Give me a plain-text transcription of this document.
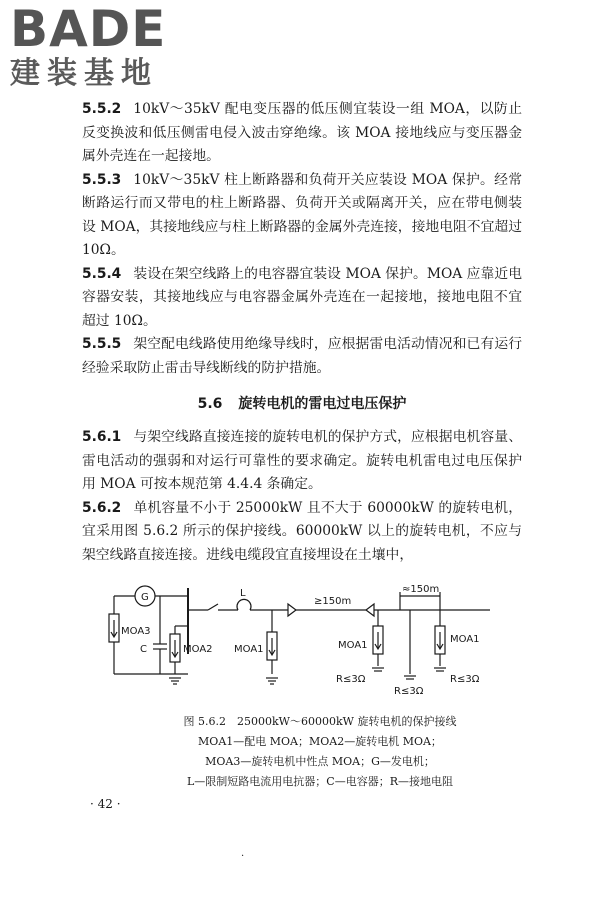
BADE
建装基地

5.5.2 10kV～35kV 配电变压器的低压侧宜装设一组 MOA，以防止反变换波和低压侧雷电侵入波击穿绝缘。该 MOA 接地线应与变压器金属外壳连在一起接地。

5.5.3 10kV～35kV 柱上断路器和负荷开关应装设 MOA 保护。经常断路运行而又带电的柱上断路器、负荷开关或隔离开关，应在带电侧装设 MOA，其接地线应与柱上断路器的金属外壳连接，接地电阻不宜超过 10Ω。

5.5.4 装设在架空线路上的电容器宜装设 MOA 保护。MOA 应靠近电容器安装，其接地线应与电容器金属外壳连在一起接地，接地电阻不宜超过 10Ω。

5.5.5 架空配电线路使用绝缘导线时，应根据雷电活动情况和已有运行经验采取防止雷击导线断线的防护措施。

5.6 旋转电机的雷电过电压保护

5.6.1 与架空线路直接连接的旋转电机的保护方式，应根据电机容量、雷电活动的强弱和对运行可靠性的要求确定。旋转电机雷电过电压保护用 MOA 可按本规范第 4.4.4 条确定。

5.6.2 单机容量不小于 25000kW 且不大于 60000kW 的旋转电机，宜采用图 5.6.2 所示的保护接线。60000kW 以上的旋转电机，不应与架空线路直接连接。进线电缆段宜直接埋设在土壤中，

G
MOA3
C	MOA2
L
MOA1
≥150m
MOA1
R≤3Ω
≈150m
R≤3Ω
MOA1
R≤3Ω
图 5.6.2　25000kW～60000kW 旋转电机的保护接线
MOA1—配电 MOA；MOA2—旋转电机 MOA；
MOA3—旋转电机中性点 MOA；G—发电机；
L—限制短路电流用电抗器；C—电容器；R—接地电阻
· 42 ·
.
